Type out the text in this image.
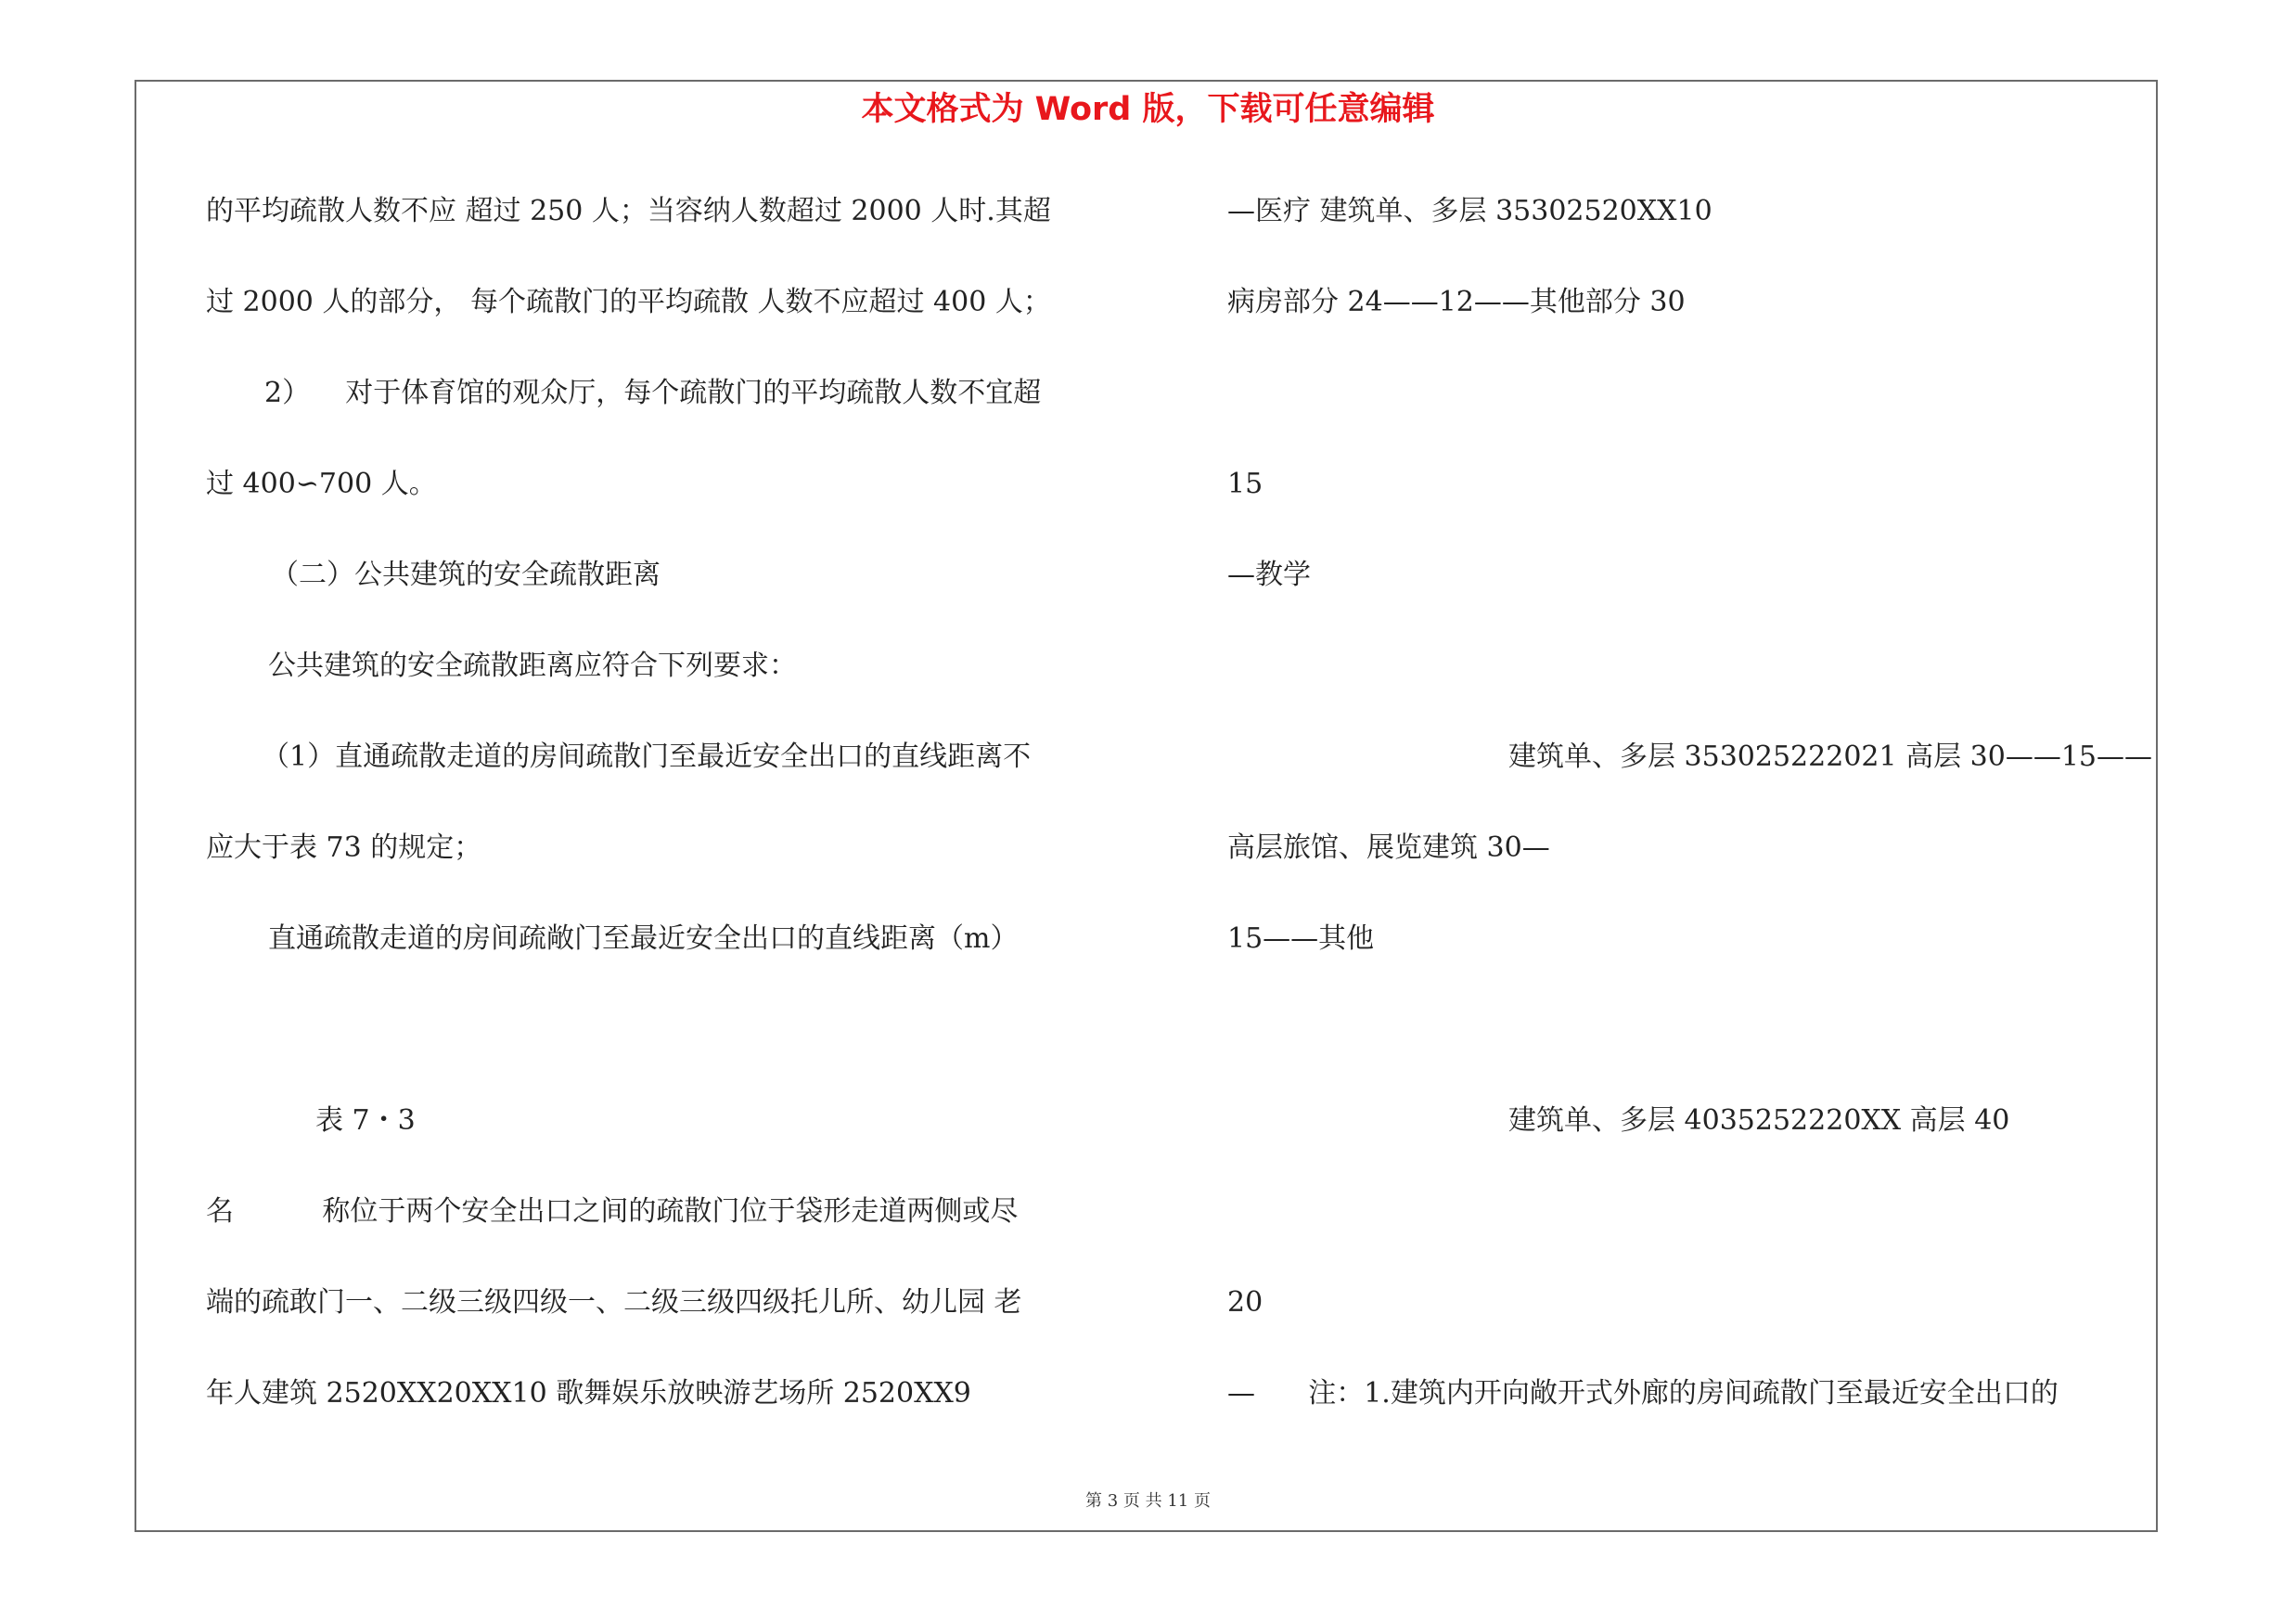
本文格式为 Word 版，下载可任意编辑
的平均疏散人数不应 超过 250 人；当容纳人数超过 2000 人时.其超
过 2000 人的部分， 每个疏散门的平均疏散 人数不应超过 400 人；
2）    对于体育馆的观众厅，每个疏散门的平均疏散人数不宜超
过 400∽700 人。
（二）公共建筑的安全疏散距离
公共建筑的安全疏散距离应符合下列要求：
（1）直通疏散走道的房间疏散门至最近安全出口的直线距离不
应大于表 73 的规定；
直通疏散走道的房间疏敞门至最近安全出口的直线距离（m）
表 7・3
名          称位于两个安全出口之间的疏散门位于袋形走道两侧或尽
端的疏敢门一、二级三级四级一、二级三级四级托儿所、幼儿园 老
年人建筑 2520XX20XX10 歌舞娱乐放映游艺场所 2520XX9
—医疗 建筑单、多层 35302520XX10
病房部分 24——12——其他部分 30
15
—教学
建筑单、多层 353025222021 高层 30——15——
高层旅馆、展览建筑 30—
15——其他
建筑单、多层 4035252220XX 高层 40
20
—      注：1.建筑内开向敞开式外廊的房间疏散门至最近安全出口的
第 3 页 共 11 页
